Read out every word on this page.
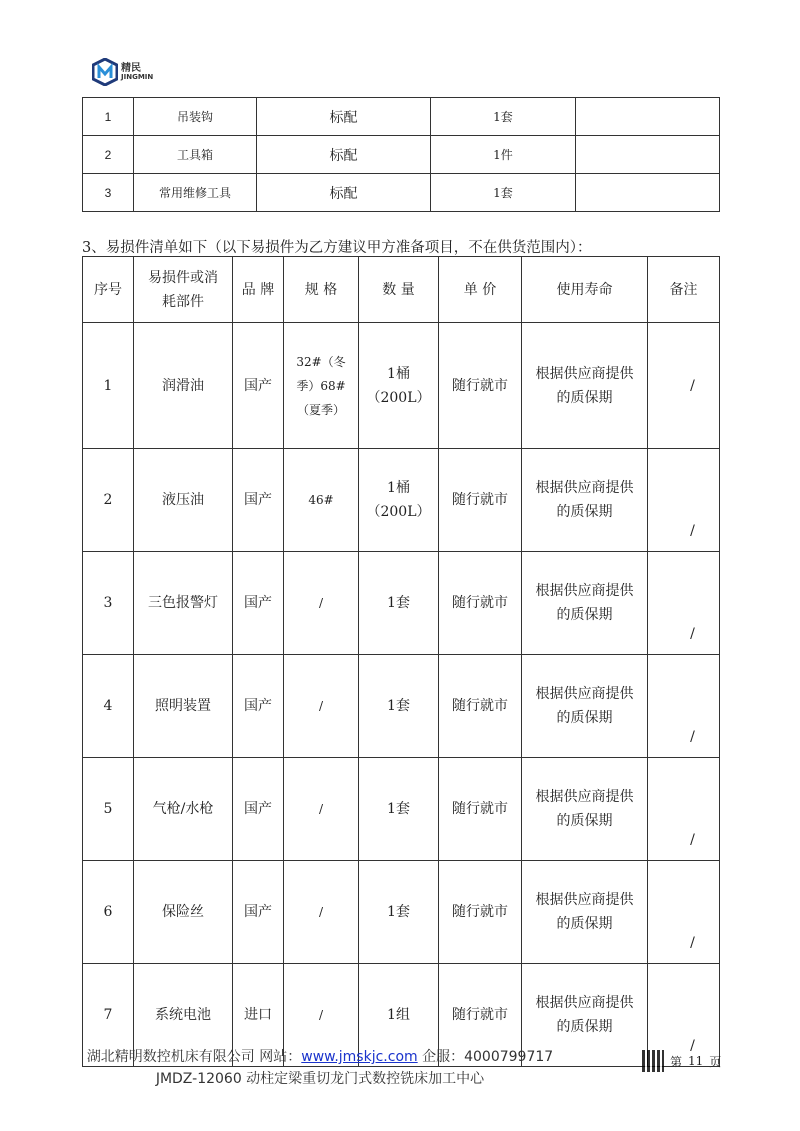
精民
JINGMIN
1	吊装钩	标配	1套	
2	工具箱	标配	1件	
3	常用维修工具	标配	1套	
3、易损件清单如下（以下易损件为乙方建议甲方准备项目，不在供货范围内）：
序号	易损件或消耗部件	品 牌	规 格	数 量	单 价	使用寿命	备注
1	润滑油	国产	32#（冬季）68#（夏季）	1桶（200L）	随行就市	根据供应商提供的质保期	/
2	液压油	国产	46#	1桶（200L）	随行就市	根据供应商提供的质保期	/
3	三色报警灯	国产	/	1套	随行就市	根据供应商提供的质保期	/
4	照明装置	国产	/	1套	随行就市	根据供应商提供的质保期	/
5	气枪/水枪	国产	/	1套	随行就市	根据供应商提供的质保期	/
6	保险丝	国产	/	1套	随行就市	根据供应商提供的质保期	/
7	系统电池	进口	/	1组	随行就市	根据供应商提供的质保期	/
湖北精明数控机床有限公司 网站：www.jmskjc.com 企服：4000799717
JMDZ-12060 动柱定梁重切龙门式数控铣床加工中心
第 11 页
